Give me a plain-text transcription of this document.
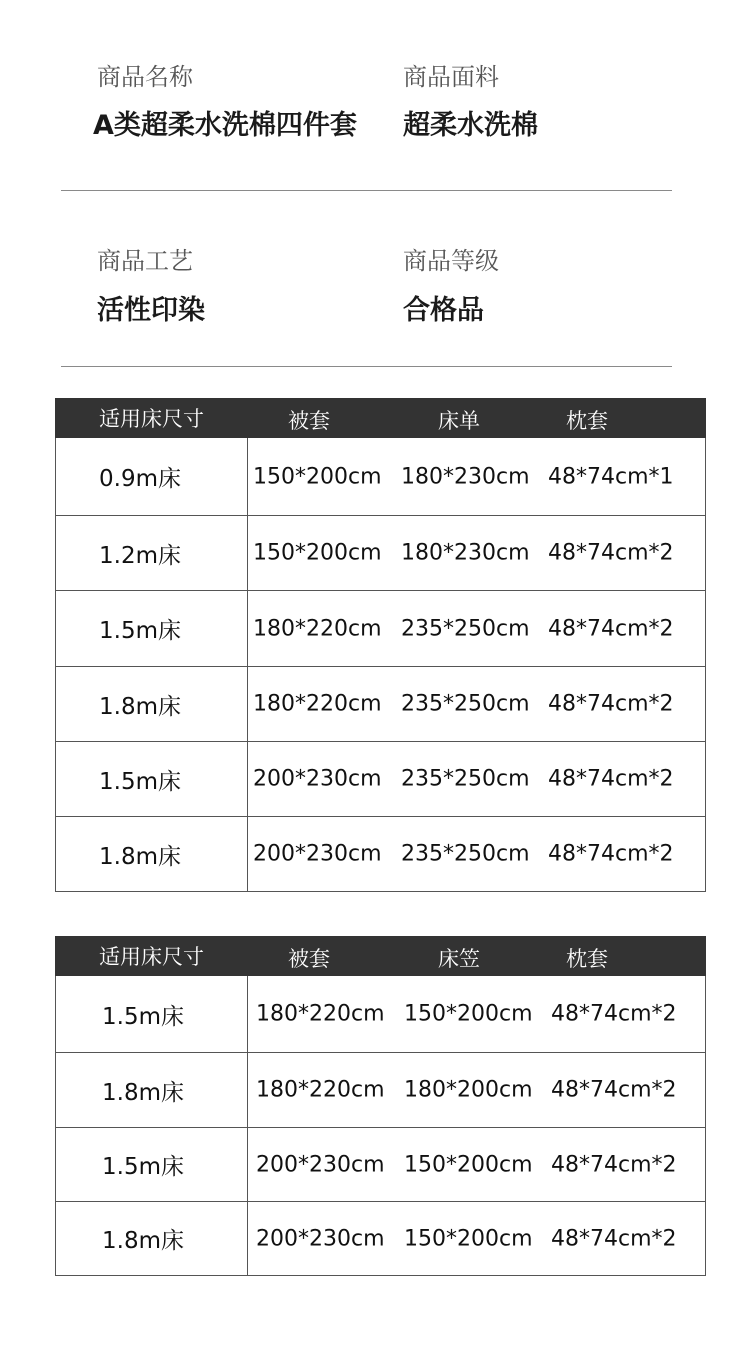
商品名称
A类超柔水洗棉四件套
商品面料
超柔水洗棉
商品工艺
活性印染
商品等级
合格品
适用床尺寸	被套 床单 枕套

0.9m床	150*200cm 180*230cm 48*74cm*1

1.2m床	150*200cm 180*230cm 48*74cm*2

1.5m床	180*220cm 235*250cm 48*74cm*2

1.8m床	180*220cm 235*250cm 48*74cm*2

1.5m床	200*230cm 235*250cm 48*74cm*2

1.8m床	200*230cm 235*250cm 48*74cm*2
适用床尺寸	被套 床笠 枕套

1.5m床	180*220cm 150*200cm 48*74cm*2

1.8m床	180*220cm 180*200cm 48*74cm*2

1.5m床	200*230cm 150*200cm 48*74cm*2

1.8m床	200*230cm 150*200cm 48*74cm*2
